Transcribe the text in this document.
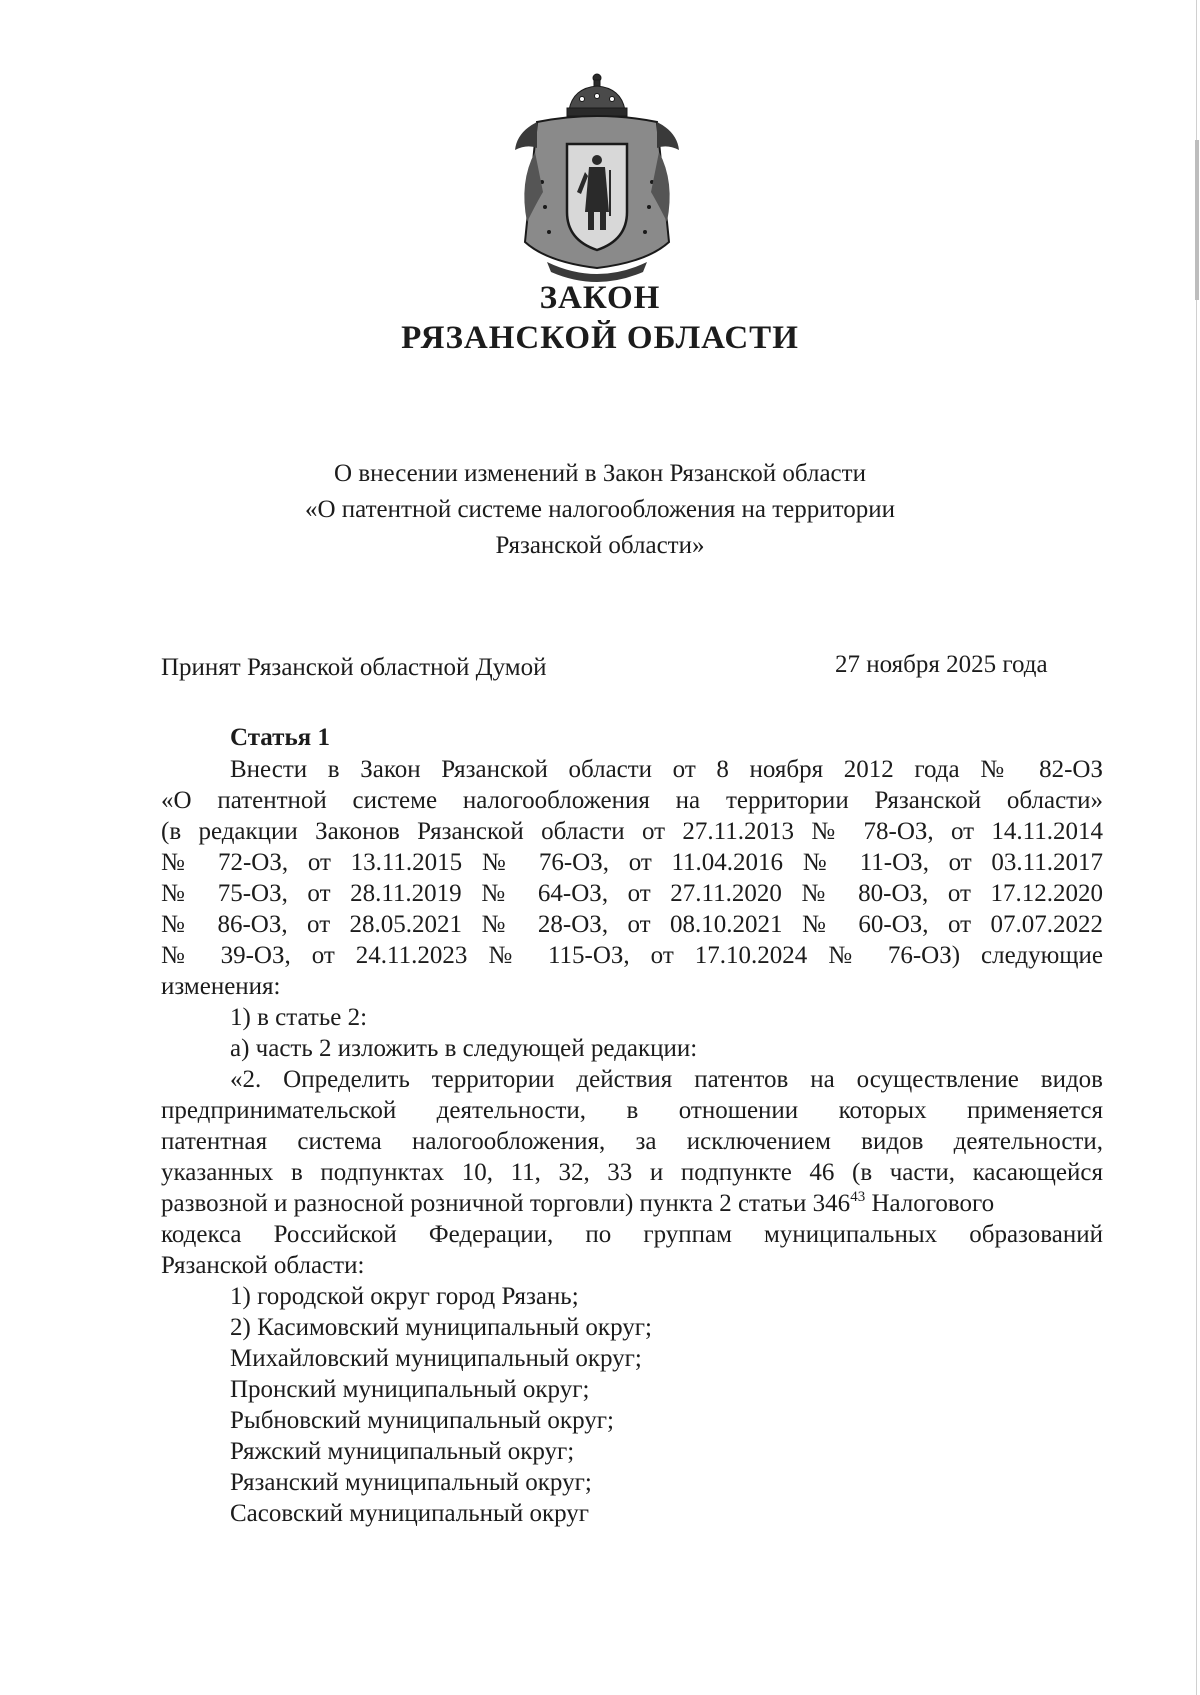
ЗАКОН
РЯЗАНСКОЙ ОБЛАСТИ
О внесении изменений в Закон Рязанской области
«О патентной системе налогообложения на территории
Рязанской области»
Принят Рязанской областной Думой	27 ноября 2025 года
Статья 1
Внести в Закон Рязанской области от 8 ноября 2012 года № 82-ОЗ
«О патентной системе налогообложения на территории Рязанской области»
(в редакции Законов Рязанской области от 27.11.2013 № 78-ОЗ, от 14.11.2014
№ 72-ОЗ, от 13.11.2015 № 76-ОЗ, от 11.04.2016 № 11-ОЗ, от 03.11.2017
№ 75-ОЗ, от 28.11.2019 № 64-ОЗ, от 27.11.2020 № 80-ОЗ, от 17.12.2020
№ 86-ОЗ, от 28.05.2021 № 28-ОЗ, от 08.10.2021 № 60-ОЗ, от 07.07.2022
№ 39-ОЗ, от 24.11.2023 № 115-ОЗ, от 17.10.2024 № 76-ОЗ) следующие
изменения:
1) в статье 2:
а) часть 2 изложить в следующей редакции:
«2. Определить территории действия патентов на осуществление видов
предпринимательской деятельности, в отношении которых применяется
патентная система налогообложения, за исключением видов деятельности,
указанных в подпунктах 10, 11, 32, 33 и подпункте 46 (в части, касающейся
развозной и разносной розничной торговли) пункта 2 статьи $346^{43}$ Налогового
кодекса Российской Федерации, по группам муниципальных образований
Рязанской области:
1) городской округ город Рязань;
2) Касимовский муниципальный округ;
Михайловский муниципальный округ;
Пронский муниципальный округ;
Рыбновский муниципальный округ;
Ряжский муниципальный округ;
Рязанский муниципальный округ;
Сасовский муниципальный округ
